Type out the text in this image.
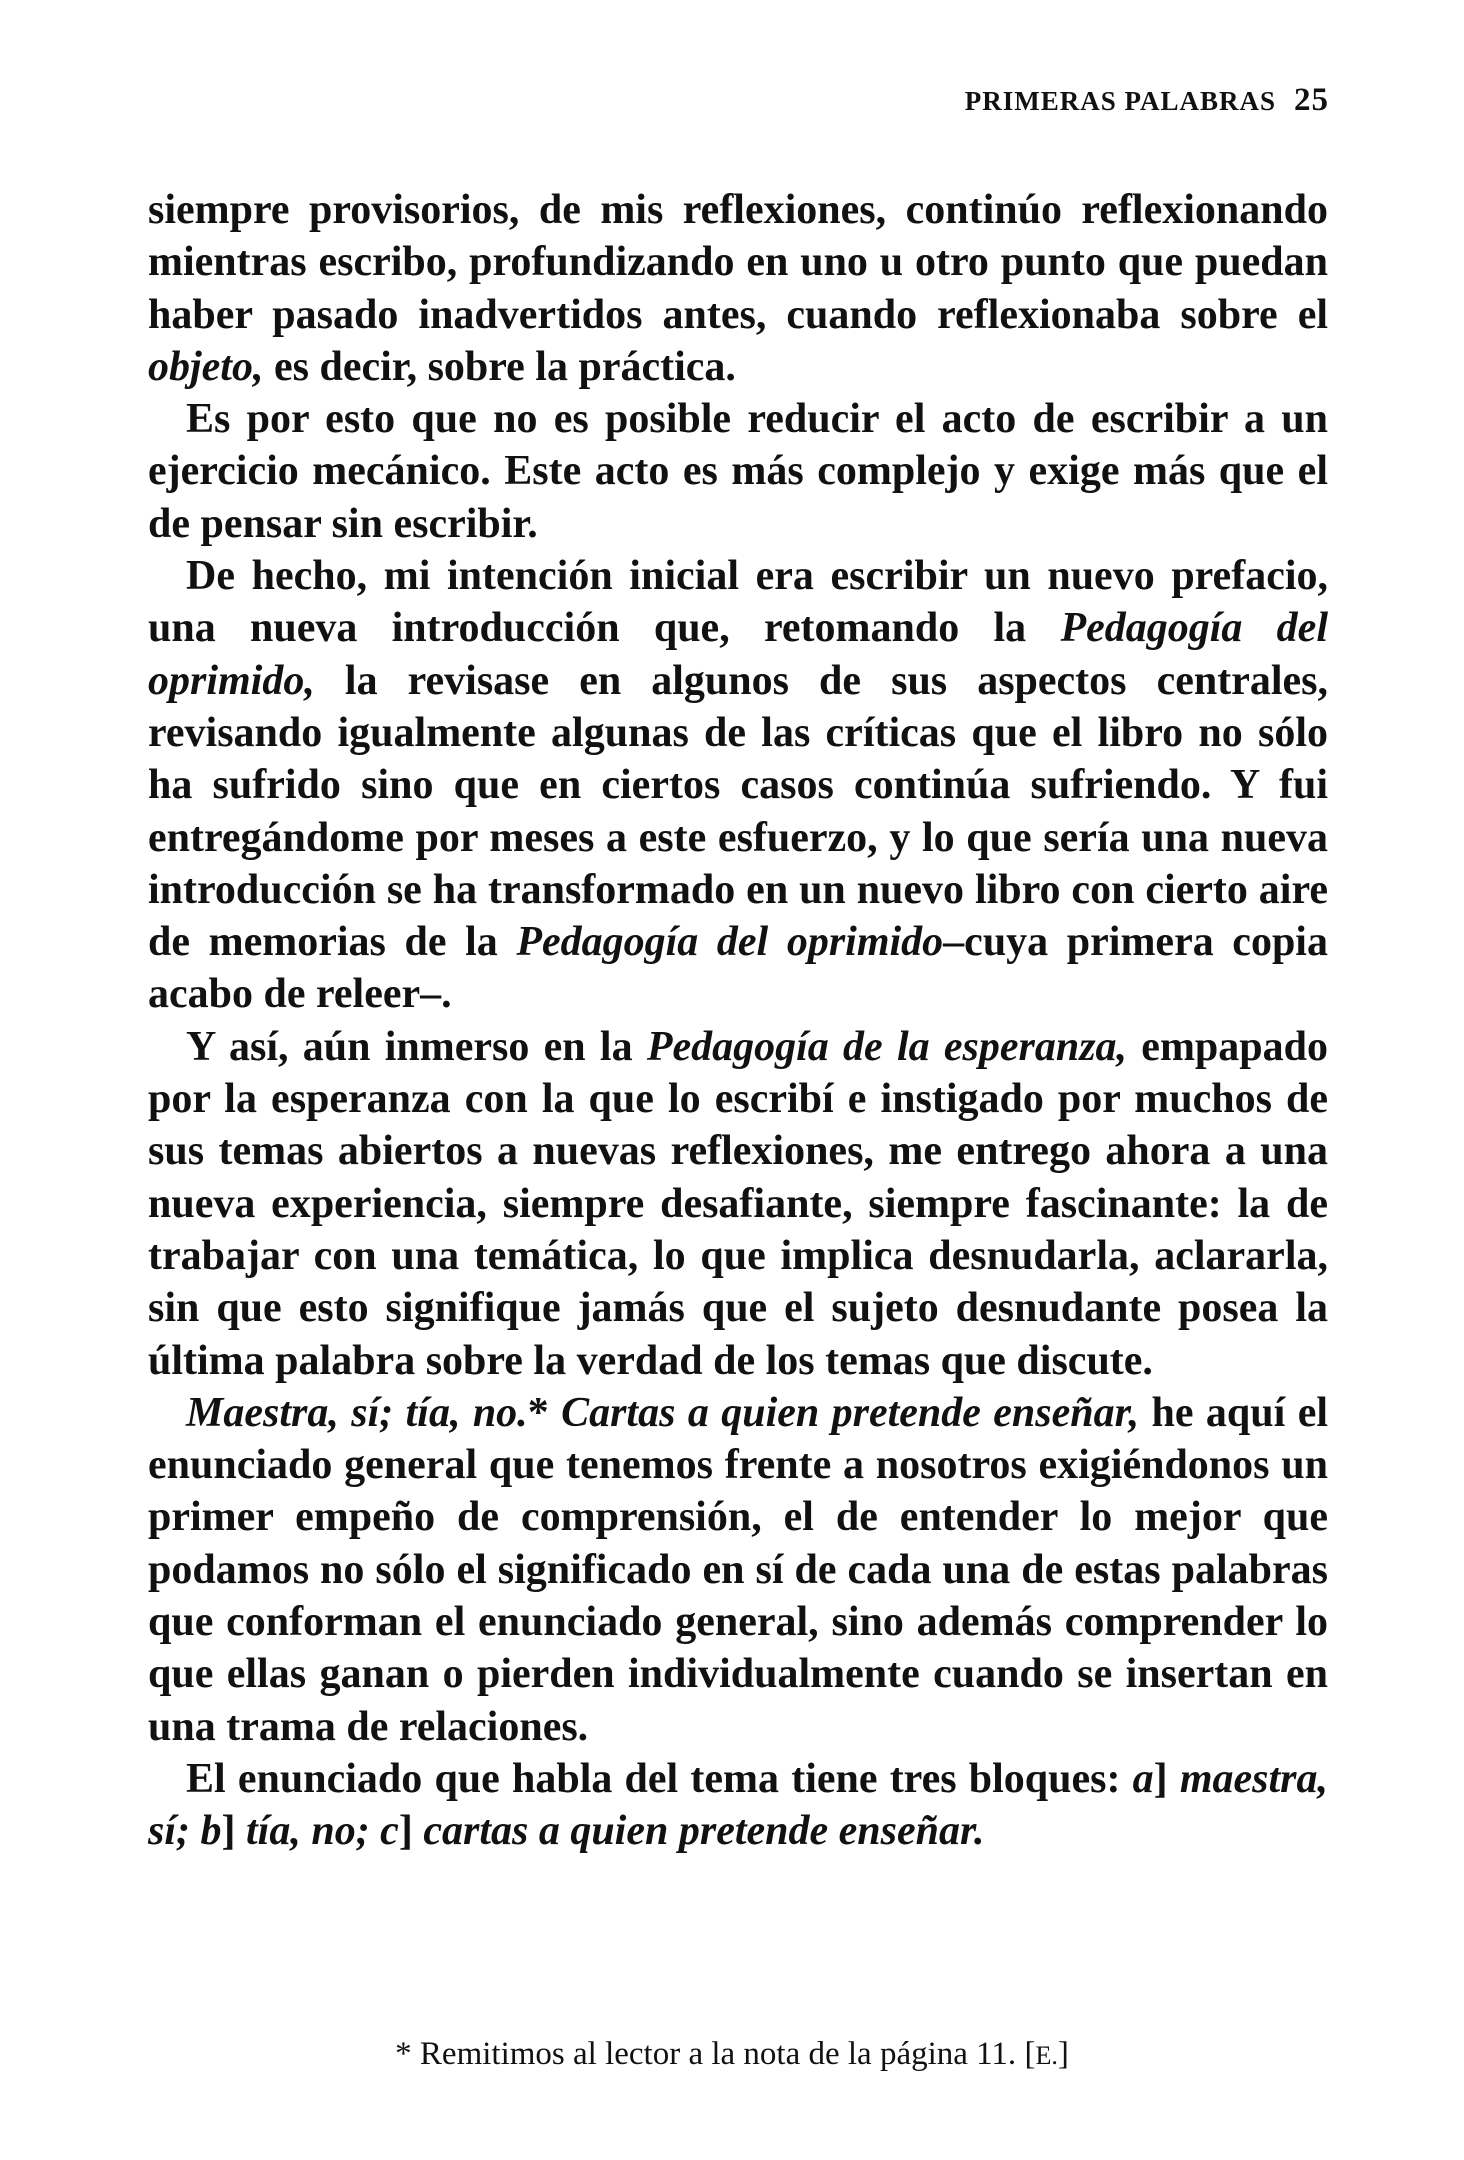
PRIMERAS PALABRAS 25

siempre provisorios, de mis reflexiones, continúo reflexionando mientras escribo, profundizando en uno u otro punto que puedan haber pasado inadvertidos antes, cuando reflexionaba sobre el objeto, es decir, sobre la práctica.

Es por esto que no es posible reducir el acto de escribir a un ejercicio mecánico. Este acto es más complejo y exige más que el de pensar sin escribir.

De hecho, mi intención inicial era escribir un nuevo prefacio, una nueva introducción que, retomando la Pedagogía del oprimido, la revisase en algunos de sus aspectos centrales, revisando igualmente algunas de las críticas que el libro no sólo ha sufrido sino que en ciertos casos continúa sufriendo. Y fui entregándome por meses a este esfuerzo, y lo que sería una nueva introducción se ha transformado en un nuevo libro con cierto aire de memorias de la Pedagogía del oprimido–cuya primera copia acabo de releer–.

Y así, aún inmerso en la Pedagogía de la esperanza, empapado por la esperanza con la que lo escribí e instigado por muchos de sus temas abiertos a nuevas reflexiones, me entrego ahora a una nueva experiencia, siempre desafiante, siempre fascinante: la de trabajar con una temática, lo que implica desnudarla, aclararla, sin que esto signifique jamás que el sujeto desnudante posea la última palabra sobre la verdad de los temas que discute.

Maestra, sí; tía, no.* Cartas a quien pretende enseñar, he aquí el enunciado general que tenemos frente a nosotros exigiéndonos un primer empeño de comprensión, el de entender lo mejor que podamos no sólo el significado en sí de cada una de estas palabras que conforman el enunciado general, sino además comprender lo que ellas ganan o pierden individualmente cuando se insertan en una trama de relaciones.

El enunciado que habla del tema tiene tres bloques: a] maestra, sí; b] tía, no; c] cartas a quien pretende enseñar.

* Remitimos al lector a la nota de la página 11. [E.]
